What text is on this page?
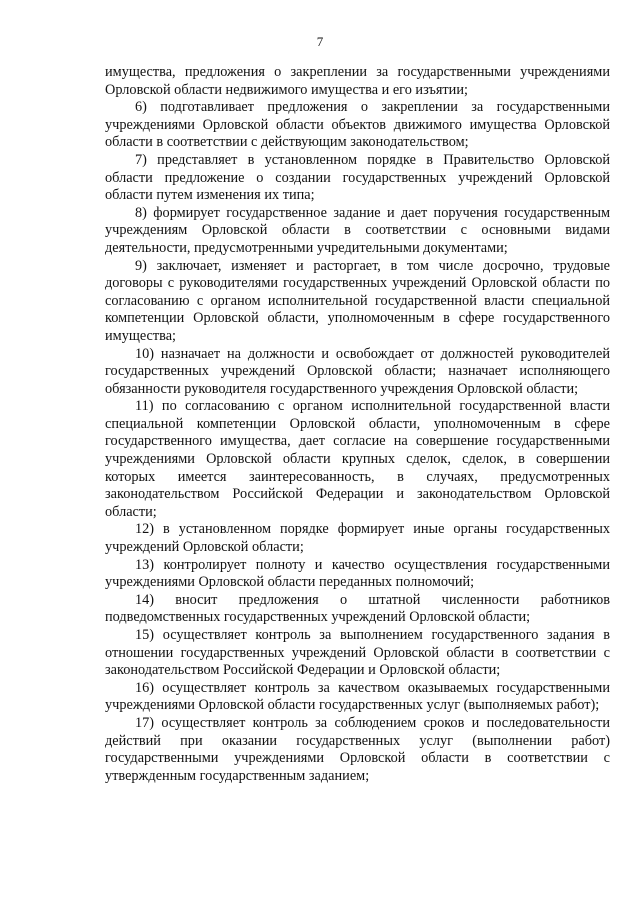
7

имущества, предложения о закреплении за государственными учреждениями Орловской области недвижимого имущества и его изъятии;

6) подготавливает предложения о закреплении за государственными учреждениями Орловской области объектов движимого имущества Орловской области в соответствии с действующим законодательством;

7) представляет в установленном порядке в Правительство Орловской области предложение о создании государственных учреждений Орловской области путем изменения их типа;

8) формирует государственное задание и дает поручения государственным учреждениям Орловской области в соответствии с основными видами деятельности, предусмотренными учредительными документами;

9) заключает, изменяет и расторгает, в том числе досрочно, трудовые договоры с руководителями государственных учреждений Орловской области по согласованию с органом исполнительной государственной власти специальной компетенции Орловской области, уполномоченным в сфере государственного имущества;

10) назначает на должности и освобождает от должностей руководителей государственных учреждений Орловской области; назначает исполняющего обязанности руководителя государственного учреждения Орловской области;

11) по согласованию с органом исполнительной государственной власти специальной компетенции Орловской области, уполномоченным в сфере государственного имущества, дает согласие на совершение государственными учреждениями Орловской области крупных сделок, сделок, в совершении которых имеется заинтересованность, в случаях, предусмотренных законодательством Российской Федерации и законодательством Орловской области;

12) в установленном порядке формирует иные органы государственных учреждений Орловской области;

13) контролирует полноту и качество осуществления государственными учреждениями Орловской области переданных полномочий;

14) вносит предложения о штатной численности работников подведомственных государственных учреждений Орловской области;

15) осуществляет контроль за выполнением государственного задания в отношении государственных учреждений Орловской области в соответствии с законодательством Российской Федерации и Орловской области;

16) осуществляет контроль за качеством оказываемых государственными учреждениями Орловской области государственных услуг (выполняемых работ);

17) осуществляет контроль за соблюдением сроков и последовательности действий при оказании государственных услуг (выполнении работ) государственными учреждениями Орловской области в соответствии с утвержденным государственным заданием;
